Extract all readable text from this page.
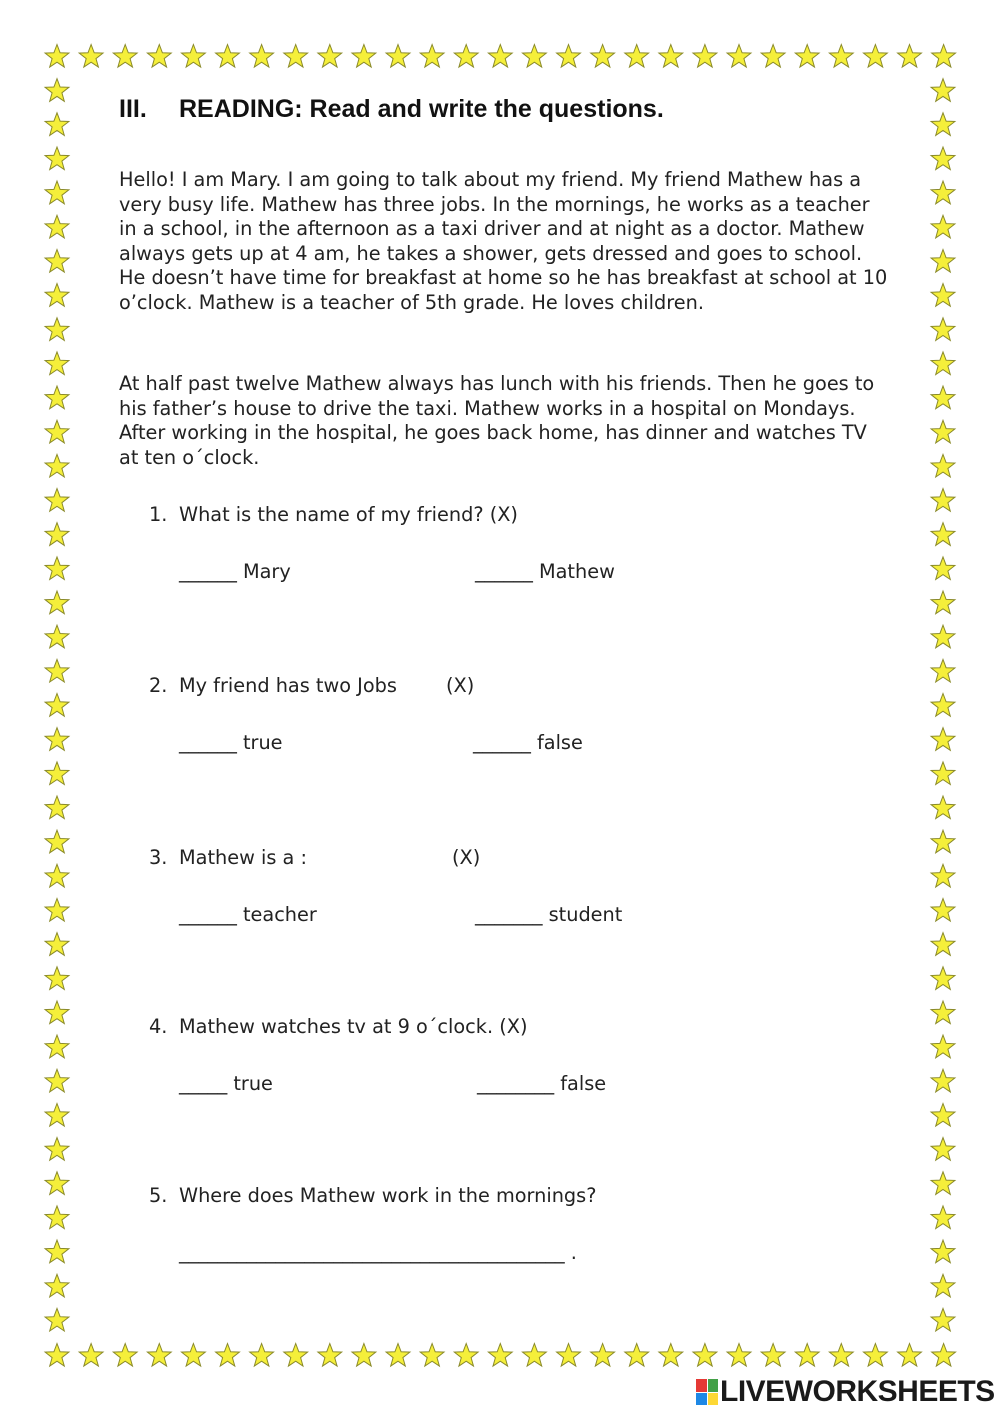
III. READING: Read and write the questions.

Hello! I am Mary. I am going to talk about my friend. My friend Mathew has a very busy life. Mathew has three jobs. In the mornings, he works as a teacher in a school, in the afternoon as a taxi driver and at night as a doctor. Mathew always gets up at 4 am, he takes a shower, gets dressed and goes to school. He doesn’t have time for breakfast at home so he has breakfast at school at 10 o’clock. Mathew is a teacher of 5th grade. He loves children.

At half past twelve Mathew always has lunch with his friends. Then he goes to his father’s house to drive the taxi. Mathew works in a hospital on Mondays. After working in the hospital, he goes back home, has dinner and watches TV at ten o´clock.

1. What is the name of my friend? (X)
______ Mary	______ Mathew
2. My friend has two Jobs	(X)
______ true	______ false
3. Mathew is a :	(X)
______ teacher	_______ student
4. Mathew watches tv at 9 o´clock. (X)
_____ true	________ false
5. Where does Mathew work in the mornings?
________________________________________ .
LIVEWORKSHEETS
